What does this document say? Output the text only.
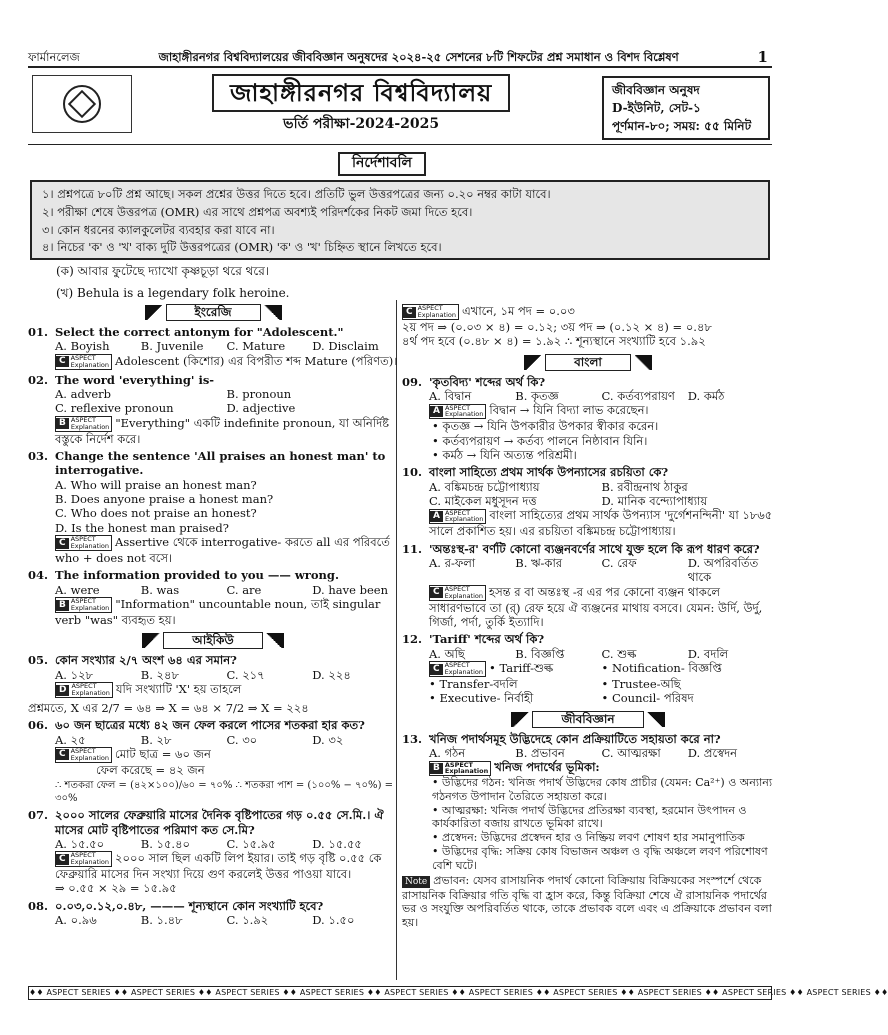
ফার্মানলেজ	জাহাঙ্গীরনগর বিশ্ববিদ্যালয়ের জীববিজ্ঞান অনুষদের ২০২৪-২৫ সেশনের ৮টি শিফটের প্রশ্ন সমাধান ও বিশদ বিশ্লেষণ	1
জাহাঙ্গীরনগর বিশ্ববিদ্যালয়
ভর্তি পরীক্ষা-2024-2025
জীববিজ্ঞান অনুষদ
D-ইউনিট, সেট-১
পূর্ণমান-৮০; সময়: ৫৫ মিনিট
নির্দেশাবলি
১। প্রশ্নপত্রে ৮০টি প্রশ্ন আছে। সকল প্রশ্নের উত্তর দিতে হবে। প্রতিটি ভুল উত্তরপত্রের জন্য ০.২০ নম্বর কাটা যাবে।
২। পরীক্ষা শেষে উত্তরপত্র (OMR) এর সাথে প্রশ্নপত্র অবশ্যই পরিদর্শকের নিকট জমা দিতে হবে।
৩। কোন ধরনের ক্যালকুলেটর ব্যবহার করা যাবে না।
৪। নিচের 'ক' ও 'খ' বাক্য দুটি উত্তরপত্রের (OMR) 'ক' ও 'খ' চিহ্নিত স্থানে লিখতে হবে।
(ক) আবার ফুটেছে দ্যাখো কৃষ্ণচূড়া থরে থরে।
(খ) Behula is a legendary folk heroine.
ইংরেজি
01. Select the correct antonym for "Adolescent."
A. Boyish	B. Juvenile	C. Mature	D. Disclaim
C ASPECT
Explanation Adolescent (কিশোর) এর বিপরীত শব্দ Mature (পরিণত)।
02. The word 'everything' is-
A. adverb	B. pronoun
C. reflexive pronoun	D. adjective
B ASPECT
Explanation "Everything" একটি indefinite pronoun, যা অনির্দিষ্ট বস্তুকে নির্দেশ করে।
03. Change the sentence 'All praises an honest man' to interrogative.
A. Who will praise an honest man?
B. Does anyone praise a honest man?
C. Who does not praise an honest?
D. Is the honest man praised?
C ASPECT
Explanation Assertive থেকে interrogative- করতে all এর পরিবর্তে who + does not বসে।
04. The information provided to you —— wrong.
A. were	B. was	C. are	D. have been
B ASPECT
Explanation "Information" uncountable noun, তাই singular verb "was" ব্যবহৃত হয়।
আইকিউ
05. কোন সংখ্যার ২/৭ অংশ ৬৪ এর সমান?
A. ১২৮	B. ২৪৮	C. ২১৭	D. ২২৪
D ASPECT
Explanation যদি সংখ্যাটি 'X' হয় তাহলে
প্রশ্নমতে, X এর 2/7 = ৬৪ ⇒ X = ৬৪ × 7/2 ⇒ X = ২২৪
06. ৬০ জন ছাত্রের মধ্যে ৪২ জন ফেল করলে পাসের শতকরা হার কত?
A. ২৫	B. ২৮	C. ৩০	D. ৩২
C ASPECT
Explanation মোট ছাত্র = ৬০ জন
ফেল করেছে = ৪২ জন
∴ শতকরা ফেল = (৪২×১০০)/৬০ = ৭০% ∴ শতকরা পাশ = (১০০% − ৭০%) = ৩০%
07. ২০০০ সালের ফেব্রুয়ারি মাসের দৈনিক বৃষ্টিপাতের গড় ০.৫৫ সে.মি.। ঐ মাসের মোট বৃষ্টিপাতের পরিমাণ কত সে.মি?
A. ১৫.৫০	B. ১৫.৪০	C. ১৫.৯৫	D. ১৫.৫৫
C ASPECT
Explanation ২০০০ সাল ছিল একটি লিপ ইয়ার। তাই গড় বৃষ্টি ০.৫৫ কে ফেব্রুয়ারি মাসের দিন সংখ্যা দিয়ে গুণ করলেই উত্তর পাওয়া যাবে।
⇒ ০.৫৫ × ২৯ = ১৫.৯৫
08. ০.০৩,০.১২,০.৪৮, ——— শূন্যস্থানে কোন সংখ্যাটি হবে?
A. ০.৯৬	B. ১.৪৮	C. ১.৯২	D. ১.৫০
C ASPECT
Explanation এখানে, ১ম পদ = ০.০৩
২য় পদ ⇒ (০.০৩ × ৪) = ০.১২; ৩য় পদ ⇒ (০.১২ × ৪) = ০.৪৮
৪র্থ পদ হবে (০.৪৮ × ৪) = ১.৯২ ∴ শূন্যস্থানে সংখ্যাটি হবে ১.৯২
বাংলা
09. 'কৃতবিদ্য' শব্দের অর্থ কি?
A. বিদ্বান	B. কৃতজ্ঞ	C. কর্তব্যপরায়ণ	D. কর্মঠ
A ASPECT
Explanation বিদ্বান → যিনি বিদ্যা লাভ করেছেন।
• কৃতজ্ঞ → যিনি উপকারীর উপকার স্বীকার করেন।
• কর্তব্যপরায়ণ → কর্তব্য পালনে নিষ্ঠাবান যিনি।
• কর্মঠ → যিনি অত্যন্ত পরিশ্রমী।
10. বাংলা সাহিত্যে প্রথম সার্থক উপন্যাসের রচয়িতা কে?
A. বঙ্কিমচন্দ্র চট্টোপাধ্যায়	B. রবীন্দ্রনাথ ঠাকুর
C. মাইকেল মধুসূদন দত্ত	D. মানিক বন্দ্যোপাধ্যায়
A ASPECT
Explanation বাংলা সাহিত্যের প্রথম সার্থক উপন্যাস 'দুর্গেশনন্দিনী' যা ১৮৬৫ সালে প্রকাশিত হয়। এর রচয়িতা বঙ্কিমচন্দ্র চট্টোপাধ্যায়।
11. 'অন্তঃস্থ-র' বর্ণটি কোনো ব্যঞ্জনবর্ণের সাথে যুক্ত হলে কি রূপ ধারণ করে?
A. র-ফলা	B. ঋ-কার	C. রেফ	D. অপরিবর্তিত থাকে
C ASPECT
Explanation হসন্ত র বা অন্তঃস্থ -র এর পর কোনো ব্যঞ্জন থাকলে সাধারণভাবে তা (র্) রেফ হয়ে ঐ ব্যঞ্জনের মাথায় বসবে। যেমন: উর্দি, উর্দু, গির্জা, পর্দা, তুর্কি ইত্যাদি।
12. 'Tariff' শব্দের অর্থ কি?
A. অছি	B. বিজ্ঞপ্তি	C. শুল্ক	D. বদলি
C ASPECT
Explanation • Tariff-শুল্ক	• Notification- বিজ্ঞপ্তি
• Transfer-বদলি	• Trustee-অছি
• Executive- নির্বাহী	• Council- পরিষদ
জীববিজ্ঞান
13. খনিজ পদার্থসমূহ উদ্ভিদেহে কোন প্রক্রিয়াটিতে সহায়তা করে না?
A. গঠন	B. প্রভাবন	C. আত্মরক্ষা	D. প্রস্বেদন
B ASPECT
Explanation খনিজ পদার্থের ভূমিকা:
• উদ্ভিদের গঠন: খনিজ পদার্থ উদ্ভিদের কোষ প্রাচীর (যেমন: Ca²⁺) ও অন্যান্য গঠনগত উপাদান তৈরিতে সহায়তা করে।
• আত্মরক্ষা: খনিজ পদার্থ উদ্ভিদের প্রতিরক্ষা ব্যবস্থা, হরমোন উৎপাদন ও কার্যকারিতা বজায় রাখতে ভূমিকা রাখে।
• প্রস্বেদন: উদ্ভিদের প্রস্বেদন হার ও নিষ্ক্রিয় লবণ শোষণ হার সমানুপাতিক
• উদ্ভিদের বৃদ্ধি: সক্রিয় কোষ বিভাজন অঞ্চল ও বৃদ্ধি অঞ্চলে লবণ পরিশোষণ বেশি ঘটে।
Note প্রভাবন: যেসব রাসায়নিক পদার্থ কোনো বিক্রিয়ায় বিক্রিয়কের সংস্পর্শে থেকে রাসায়নিক বিক্রিয়ার গতি বৃদ্ধি বা হ্রাস করে, কিন্তু বিক্রিয়া শেষে ঐ রাসায়নিক পদার্থের ভর ও সংযুক্তি অপরিবর্তিত থাকে, তাকে প্রভাবক বলে এবং এ প্রক্রিয়াকে প্রভাবন বলা হয়।
♦♦ ASPECT SERIES ♦♦ ASPECT SERIES ♦♦ ASPECT SERIES ♦♦ ASPECT SERIES ♦♦ ASPECT SERIES ♦♦ ASPECT SERIES ♦♦ ASPECT SERIES ♦♦ ASPECT SERIES ♦♦ ASPECT SERIES ♦♦ ASPECT SERIES ♦♦
